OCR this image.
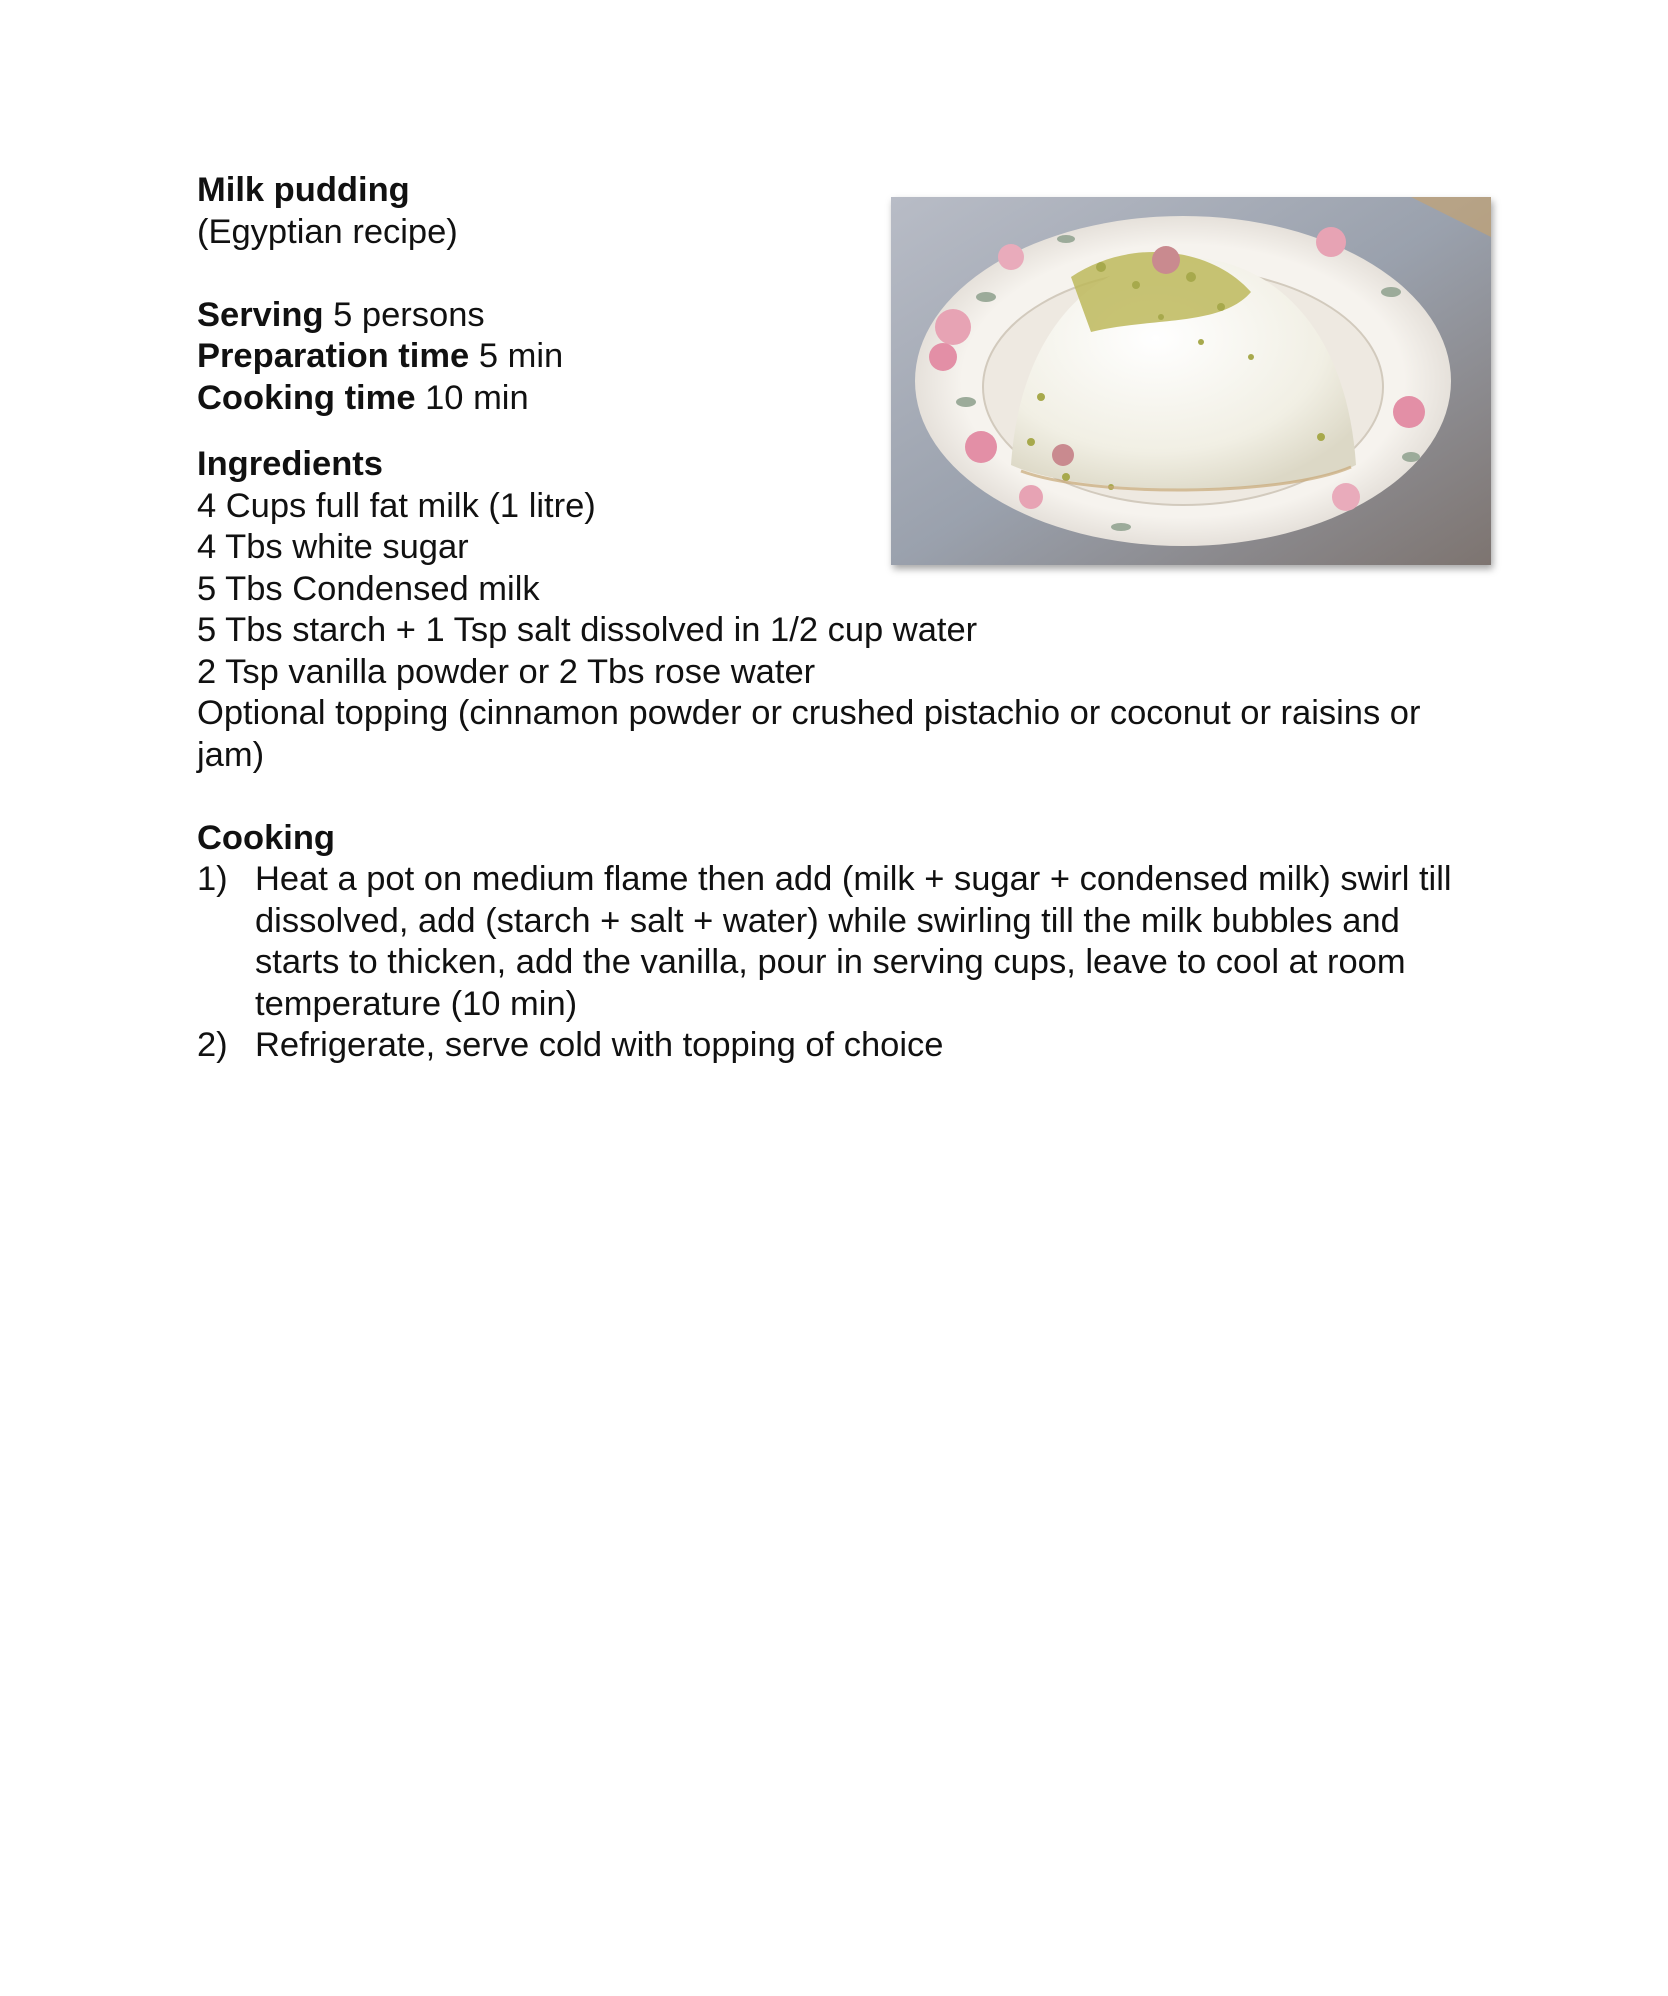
Milk pudding

(Egyptian recipe)

Serving 5 persons

Preparation time 5 min

Cooking time 10 min

Ingredients

4 Cups full fat milk (1 litre)

4 Tbs white sugar

5 Tbs Condensed milk

5 Tbs starch + 1 Tsp salt dissolved in 1/2 cup water

2 Tsp vanilla powder or 2 Tbs rose water

Optional topping (cinnamon powder or crushed pistachio or coconut or raisins or jam)

Cooking

1) Heat a pot on medium flame then add (milk + sugar + condensed milk) swirl till dissolved, add (starch + salt + water) while swirling till the milk bubbles and starts to thicken, add the vanilla, pour in serving cups, leave to cool at room temperature (10 min)
2) Refrigerate, serve cold with topping of choice
